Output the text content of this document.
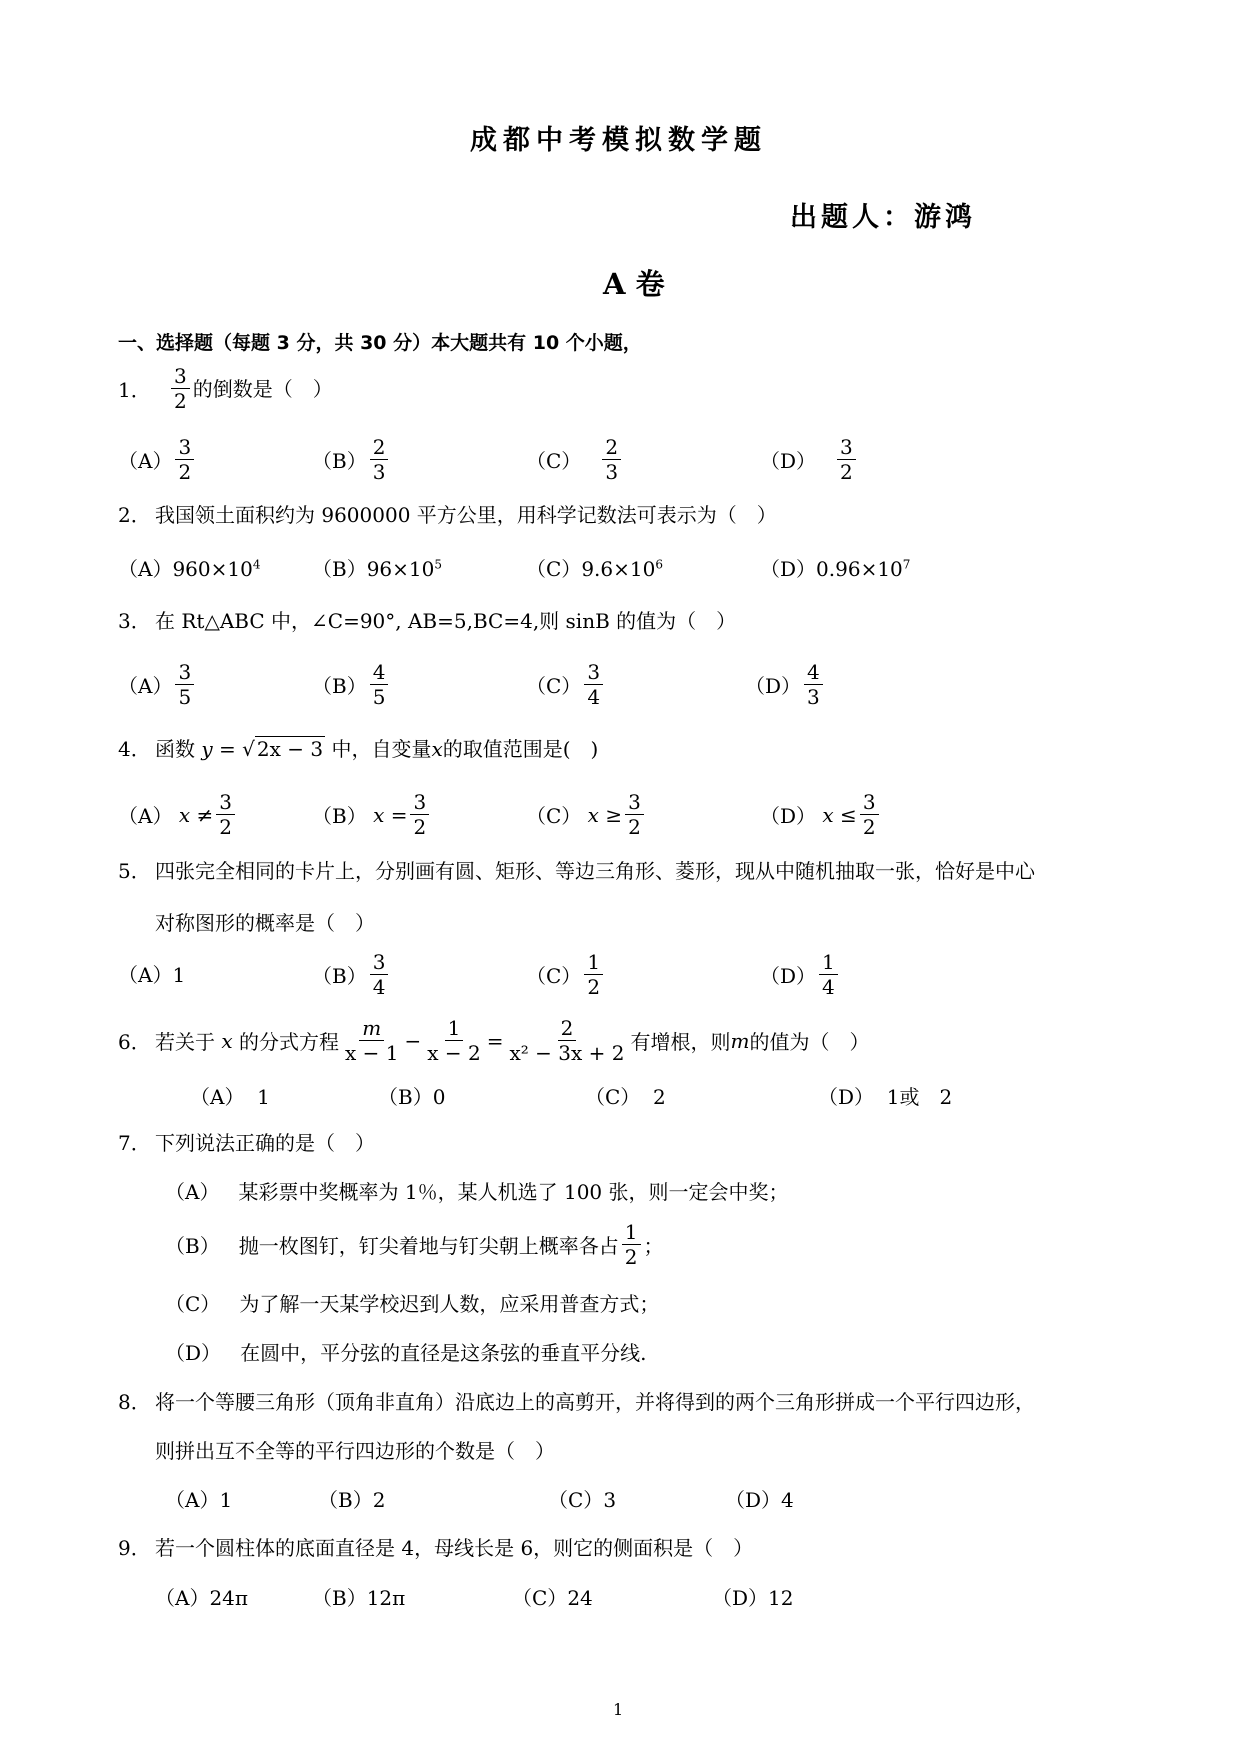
成都中考模拟数学题
出题人：游鸿
A 卷
一、选择题（每题 3 分，共 30 分）本大题共有 10 个小题，
1． $\frac{3}{2}$ 的倒数是（　）
$(A) \frac{3}{2}$	$(B) \frac{2}{3}$	$(C) \frac{2}{3}$	$(D) \frac{3}{2}$
2． 我国领土面积约为 9600000 平方公里，用科学记数法可表示为（　）
$(A)960\times 10^4$	$(B)96\times 10^5$	$(C)9.6\times 10^6$	$(D)0.96\times 10^7$
3． 在 Rt△ABC 中，∠C=90°, AB=5,BC=4,则 sinB 的值为（　）
$(A) \frac{3}{5}$	$(B) \frac{4}{5}$	$(C) \frac{3}{4}$	$(D) \frac{4}{3}$
4． 函数 y = √ 2x − 3 中，自变量x的取值范围是(　)
（A）
x
≠ $\frac{3}{2}$	（B）
x
= $\frac{3}{2}$	（C）
x
≥ $\frac{3}{2}$	（D）
x
≤ $\frac{3}{2}$
5． 四张完全相同的卡片上，分别画有圆、矩形、等边三角形、菱形，现从中随机抽取一张，恰好是中心
对称图形的概率是（　）
（A）1	$(B) \frac{3}{4}$	$(C) \frac{1}{2}$	$(D) \frac{1}{4}$
6． 若关于
x
的分式方程 $\frac{m}{x - 1} - \frac{1}{x - 2} = \frac{2}{\text{x² − 3x + 2}}$ 有增根，则 m 的值为（　）
（A） 1	（B）0	（C） 2	（D） 1或　2
7． 下列说法正确的是（　）
（A） 某彩票中奖概率为 1％，某人机选了 100 张，则一定会中奖；
（B）
抛一枚图钉，钉尖着地与钉尖朝上概率各占 $\frac{1}{2}$ ；
（C） 为了解一天某学校迟到人数，应采用普查方式；
（D） 在圆中，平分弦的直径是这条弦的垂直平分线.
8． 将一个等腰三角形（顶角非直角）沿底边上的高剪开，并将得到的两个三角形拼成一个平行四边形，
则拼出互不全等的平行四边形的个数是（　）
（A）1	（B）2	（C）3	（D）4
9． 若一个圆柱体的底面直径是 4，母线长是 6，则它的侧面积是（　）
（A）24π	（B）12π	（C）24	（D）12
1
